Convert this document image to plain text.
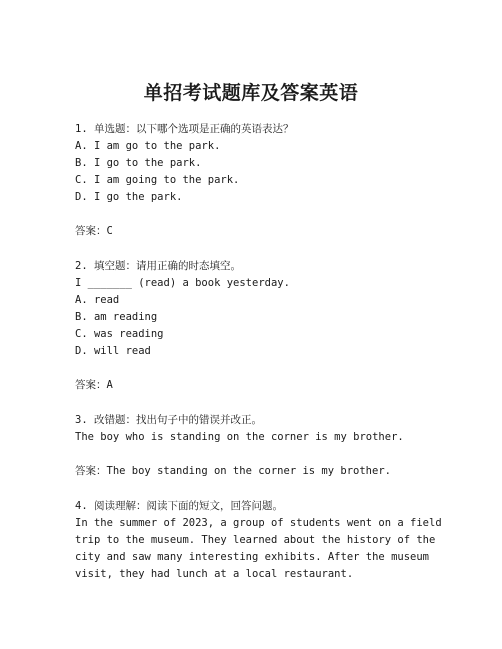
单招考试题库及答案英语
1. 单选题：以下哪个选项是正确的英语表达？
A. I am go to the park.
B. I go to the park.
C. I am going to the park.
D. I go the park.
答案：C
2. 填空题：请用正确的时态填空。
I _______ (read) a book yesterday.
A. read
B. am reading
C. was reading
D. will read
答案：A
3. 改错题：找出句子中的错误并改正。
The boy who is standing on the corner is my brother.
答案：The boy standing on the corner is my brother.
4. 阅读理解：阅读下面的短文，回答问题。
In the summer of 2023, a group of students went on a field
trip to the museum. They learned about the history of the
city and saw many interesting exhibits. After the museum
visit, they had lunch at a local restaurant.
